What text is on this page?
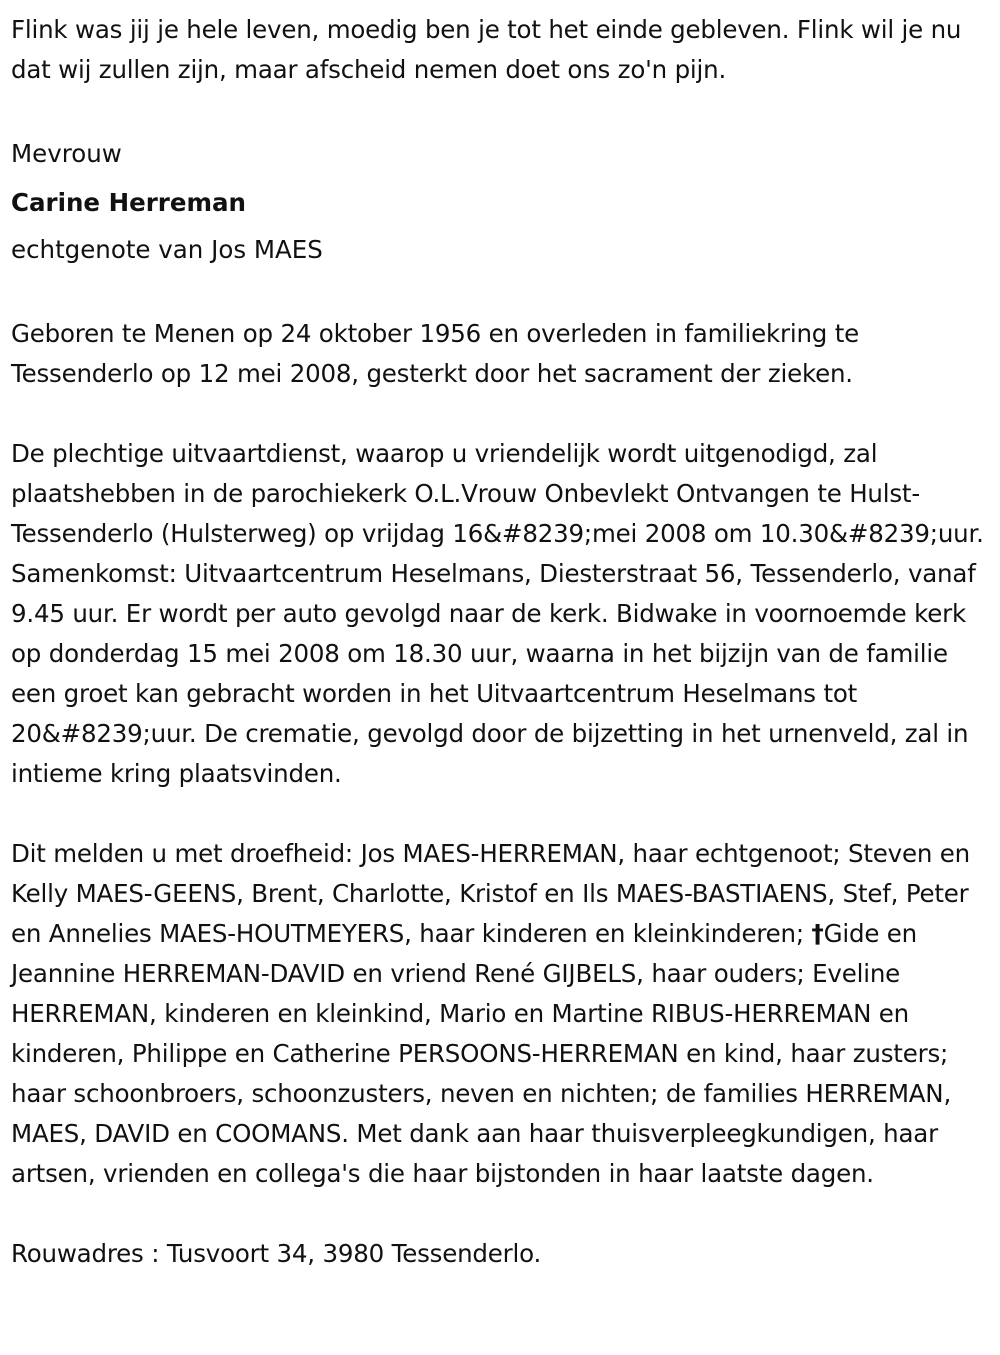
Flink was jij je hele leven, moedig ben je tot het einde gebleven. Flink wil je nu dat wij zullen zijn, maar afscheid nemen doet ons zo'n pijn.

Mevrouw

Carine Herreman

echtgenote van Jos MAES

Geboren te Menen op 24 oktober 1956 en overleden in familiekring te Tessenderlo op 12 mei 2008, gesterkt door het sacrament der zieken.

De plechtige uitvaartdienst, waarop u vriendelijk wordt uitgenodigd, zal plaatshebben in de parochiekerk O.L.Vrouw Onbevlekt Ontvangen te Hulst-Tessenderlo (Hulsterweg) op vrijdag 16&#8239;mei 2008 om 10.30&#8239;uur. Samenkomst: Uitvaartcentrum Heselmans, Diesterstraat 56, Tessenderlo, vanaf 9.45 uur. Er wordt per auto gevolgd naar de kerk. Bidwake in voornoemde kerk op donderdag 15 mei 2008 om 18.30 uur, waarna in het bijzijn van de familie een groet kan gebracht worden in het Uitvaartcentrum Heselmans tot 20&#8239;uur. De crematie, gevolgd door de bijzetting in het urnenveld, zal in intieme kring plaatsvinden.

Dit melden u met droefheid: Jos MAES-HERREMAN, haar echtgenoot; Steven en Kelly MAES-GEENS, Brent, Charlotte, Kristof en Ils MAES-BASTIAENS, Stef, Peter en Annelies MAES-HOUTMEYERS, haar kinderen en kleinkinderen; †Gide en Jeannine HERREMAN-DAVID en vriend René GIJBELS, haar ouders; Eveline HERREMAN, kinderen en kleinkind, Mario en Martine RIBUS-HERREMAN en kinderen, Philippe en Catherine PERSOONS-HERREMAN en kind, haar zusters; haar schoonbroers, schoonzusters, neven en nichten; de families HERREMAN, MAES, DAVID en COOMANS. Met dank aan haar thuisverpleegkundigen, haar artsen, vrienden en collega's die haar bijstonden in haar laatste dagen.

Rouwadres : Tusvoort 34, 3980 Tessenderlo.
